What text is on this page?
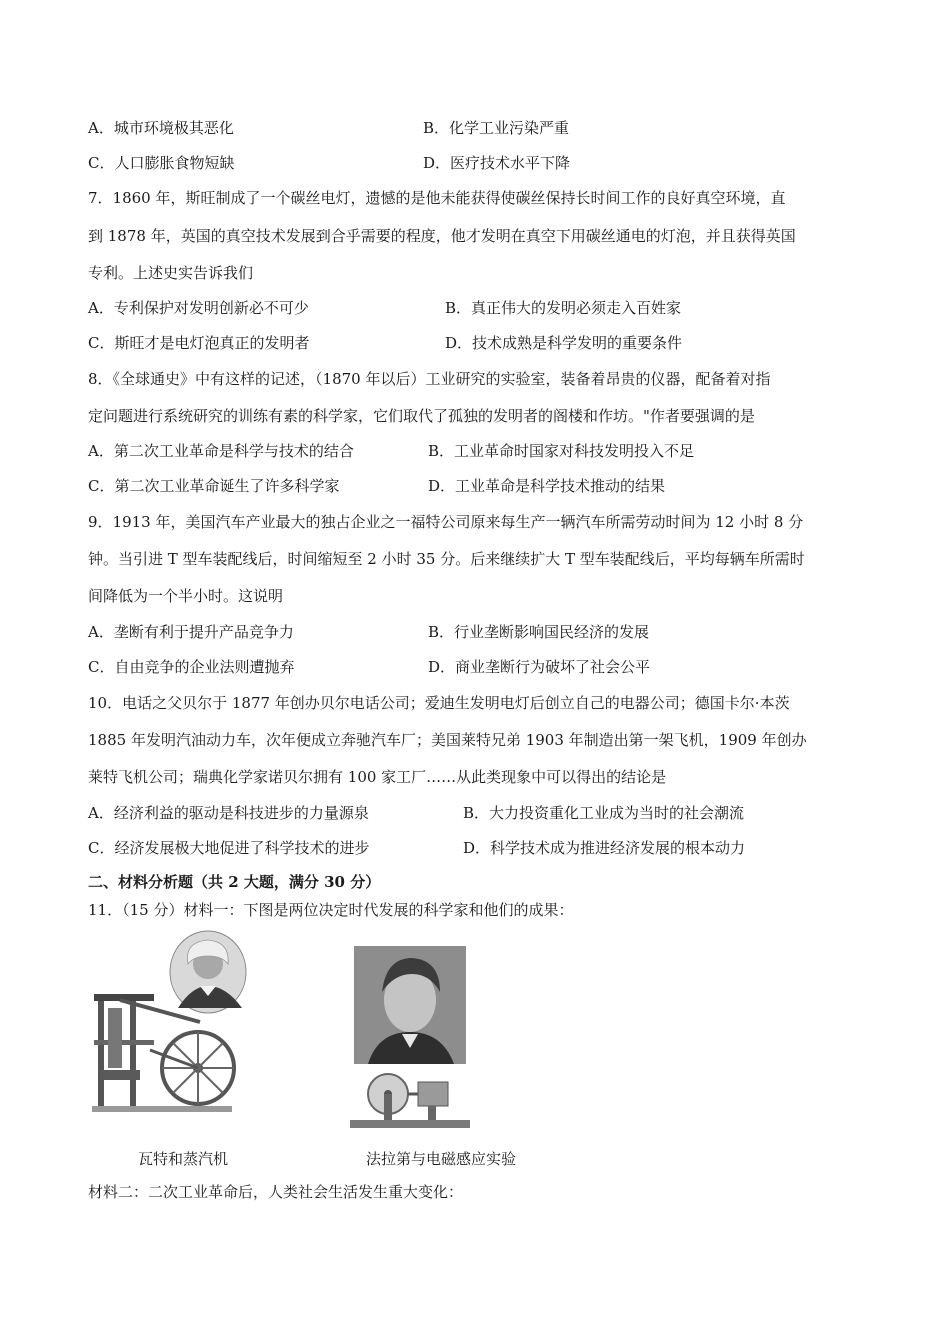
A．城市环境极其恶化	B．化学工业污染严重
C．人口膨胀食物短缺	D．医疗技术水平下降
7．1860 年，斯旺制成了一个碳丝电灯，遗憾的是他未能获得使碳丝保持长时间工作的良好真空环境，直
到 1878 年，英国的真空技术发展到合乎需要的程度，他才发明在真空下用碳丝通电的灯泡，并且获得英国
专利。上述史实告诉我们
A．专利保护对发明创新必不可少	B．真正伟大的发明必须走入百姓家
C．斯旺才是电灯泡真正的发明者	D．技术成熟是科学发明的重要条件
8．《全球通史》中有这样的记述，（1870 年以后）工业研究的实验室，装备着昂贵的仪器，配备着对指
定问题进行系统研究的训练有素的科学家，它们取代了孤独的发明者的阁楼和作坊。"作者要强调的是
A．第二次工业革命是科学与技术的结合	B．工业革命时国家对科技发明投入不足
C．第二次工业革命诞生了许多科学家	D．工业革命是科学技术推动的结果
9．1913 年，美国汽车产业最大的独占企业之一福特公司原来每生产一辆汽车所需劳动时间为 12 小时 8 分
钟。当引进 T 型车装配线后，时间缩短至 2 小时 35 分。后来继续扩大 T 型车装配线后，平均每辆车所需时
间降低为一个半小时。这说明
A．垄断有利于提升产品竞争力	B．行业垄断影响国民经济的发展
C．自由竞争的企业法则遭抛弃	D．商业垄断行为破坏了社会公平
10．电话之父贝尔于 1877 年创办贝尔电话公司；爱迪生发明电灯后创立自己的电器公司；德国卡尔·本茨
1885 年发明汽油动力车，次年便成立奔驰汽车厂；美国莱特兄弟 1903 年制造出第一架飞机，1909 年创办
莱特飞机公司；瑞典化学家诺贝尔拥有 100 家工厂……从此类现象中可以得出的结论是
A．经济利益的驱动是科技进步的力量源泉	B．大力投资重化工业成为当时的社会潮流
C．经济发展极大地促进了科学技术的进步	D．科学技术成为推进经济发展的根本动力
二、材料分析题（共 2 大题，满分 30 分）
11．（15 分）材料一：下图是两位决定时代发展的科学家和他们的成果：
瓦特和蒸汽机	法拉第与电磁感应实验
材料二：二次工业革命后，人类社会生活发生重大变化：
